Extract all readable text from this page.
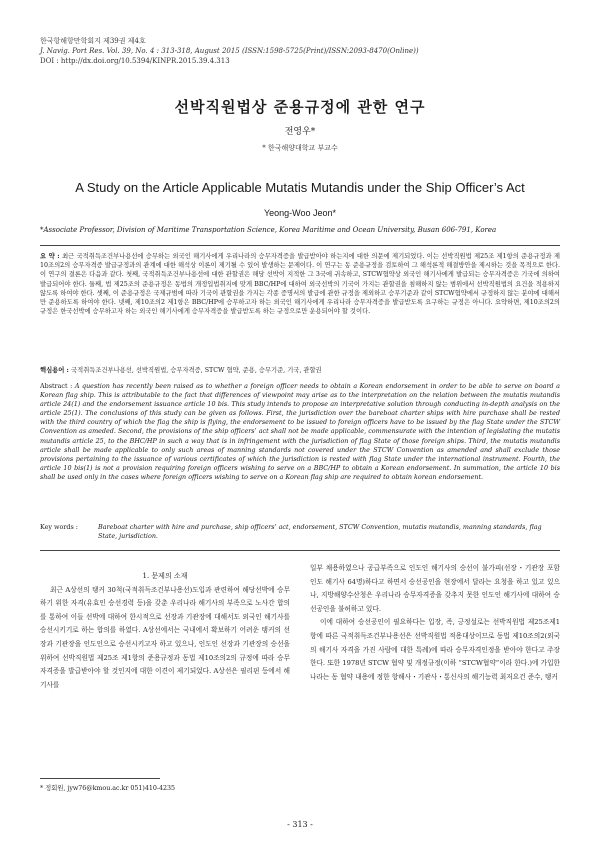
한국항해항만학회지 제39권 제4호
J. Navig. Port Res. Vol. 39, No. 4 : 313-318, August 2015 (ISSN:1598-5725(Print)/ISSN:2093-8470(Online))
DOI : http://dx.doi.org/10.5394/KINPR.2015.39.4.313
선박직원법상 준용규정에 관한 연구
전영우*
* 한국해양대학교 부교수
A Study on the Article Applicable Mutatis Mutandis under the Ship Officer’s Act
Yeong-Woo Jeon*
*Associate Professor, Division of Maritime Transportation Science, Korea Maritime and Ocean University, Busan 606-791, Korea
요 약 : 최근 국적취득조건부나용선에 승무하는 외국인 해기사에게 우리나라의 승무자격증을 발급받아야 하는지에 대한 의문에 제기되었다. 이는 선박직원법 제25조 제1항의 준용규정과 제10조의2의 승무자격증 발급규정과의 관계에 대한 해석상 이론이 제기될 수 있어 발생하는 문제이다. 이 연구는 동 준용규정을 검토하여 그 해석론적 해결방안을 제시하는 것을 목적으로 한다. 이 연구의 결론은 다음과 같다. 첫째, 국적취득조건부나용선에 대한 관할권은 해당 선박이 지적한 그 3국에 귀속하고, STCW협약상 외국인 해기사에게 발급되는 승무자격증은 기국에 의하여 발급되어야 한다. 둘째, 법 제25조의 준용규정은 동법의 개정입법취지에 맞게 BBC/HP에 대하여 외국선박의 기국이 가지는 관할권을 침해하지 않는 범위에서 선박직원법의 요건을 적용하지 않도록 하여야 한다. 셋째, 이 준용규정은 국제규범에 따라 기국이 관할권을 가지는 각종 증명서의 발급에 관한 규정을 제외하고 승무기준과 같이 STCW협약에서 규정하지 않는 분야에 대해서만 준용하도록 하여야 한다. 넷째, 제10조의2 제1항은 BBC/HP에 승무하고자 하는 외국인 해기사에게 우리나라 승무자격증을 발급받도록 요구하는 규정은 아니다. 요약하면, 제10조의2의 규정은 한국선박에 승무하고자 하는 외국인 해기사에게 승무자격증을 발급받도록 하는 규정으로만 운용되어야 할 것이다.
핵심용어 : 국적취득조건부나용선, 선박직원법, 승무자격증, STCW 협약, 준용, 승무기준, 기국, 관할권
Abstract : A question has recently been raised as to whether a foreign officer needs to obtain a Korean endorsement in order to be able to serve on board a Korean flag ship. This is attributable to the fact that differences of viewpoint may arise as to the interpretation on the relation between the mutatis mutandis article 24(1) and the endorsement issuance article 10 bis. This study intends to propose an interpretative solution through conducting in-depth analysis on the article 25(1). The conclusions of this study can be given as follows. First, the jurisdiction over the bareboat charter ships with hire purchase shall be rested with the third country of which the flag the ship is flying, the endorsement to be issued to foreign officers have to be issued by the flag State under the STCW Convention as ameded. Second, the provisions of the ship officers’ act shall not be made applicable, commensurate with the intention of legislating the mutatis mutandis article 25, to the BHC/HP in such a way that is in infringement with the jurisdiction of flag State of those foreign ships. Third, the mutatis mutandis article shall be made applicable to only such areas of manning standards not covered under the STCW Convention as amended and shall exclude those provisions pertaining to the issuance of various certificates of which the jurisdiction is rested with flag State under the international instrument. Fourth, the article 10 bis(1) is not a provision requiring foreign officers wishing to serve on a BBC/HP to obtain a Korean endorsement. In summation, the article 10 bis shall be used only in the cases where foreign officers wishing to serve on a Korean flag ship are required to obtain korean endorsement.
Key words :	Bareboat charter with hire and purchase, ship officers’ act, endorsement, STCW Convention, mutatis mutandis, manning standards, flag State, jurisdiction.

1. 문제의 소재

최근 A상선의 탱커 30척(국적취득조건부나용선)도입과 관련하여 해당선박에 승무하기 위한 자격(유효인 승선경력 등)을 갖춘 우리나라 해기사의 부족으로 노사간 합의를 통하여 이들 선박에 대하여 한시적으로 선장과 기관장에 대해서도 외국인 해기사를 승선시키기로 하는 합의를 하였다. A상선에서는 국내에서 확보하기 어려운 탱커의 선장과 기관장을 인도인으로 승선시키고자 하고 있으나, 인도인 선장과 기관장의 승선을 위하여 선박직원법 제25조 제1항의 준용규정과 동법 제10조의2의 규정에 따라 승무자격증을 발급받아야 할 것인지에 대한 이견이 제기되었다. A상선은 필리핀 등에서 해기사를

일부 채용하였으나 공급부족으로 인도인 해기사의 승선이 불가피(선장・기관장 포함 인도 해기사 64명)하다고 하면서 승선공인을 현장에서 달라는 요청을 하고 있고 있으나, 지방해양수산청은 우리나라 승무자격증을 갖추지 못한 인도인 해기사에 대하여 승선공인을 불허하고 있다.

이에 대하여 승선공인이 필요하다는 입장, 즉, 긍정설로는 선박직원법 제25조제1항에 따른 국적취득조건부나용선은 선박직원법 적용대상이므로 동법 제10조의2(외국의 해기사 자격을 가진 사람에 대한 특례)에 따라 승무자격인정을 받아야 한다고 주장한다. 또한 1978년 STCW 협약 및 개정규정(이하 “STCW협약”이라 한다.)에 가입한 나라는 동 협약 내용에 정한 항해사・기관사・통신사의 해기능력 최저요건 준수, 탱커

* 정회원, jyw76@kmou.ac.kr 051)410-4235
- 313 -
